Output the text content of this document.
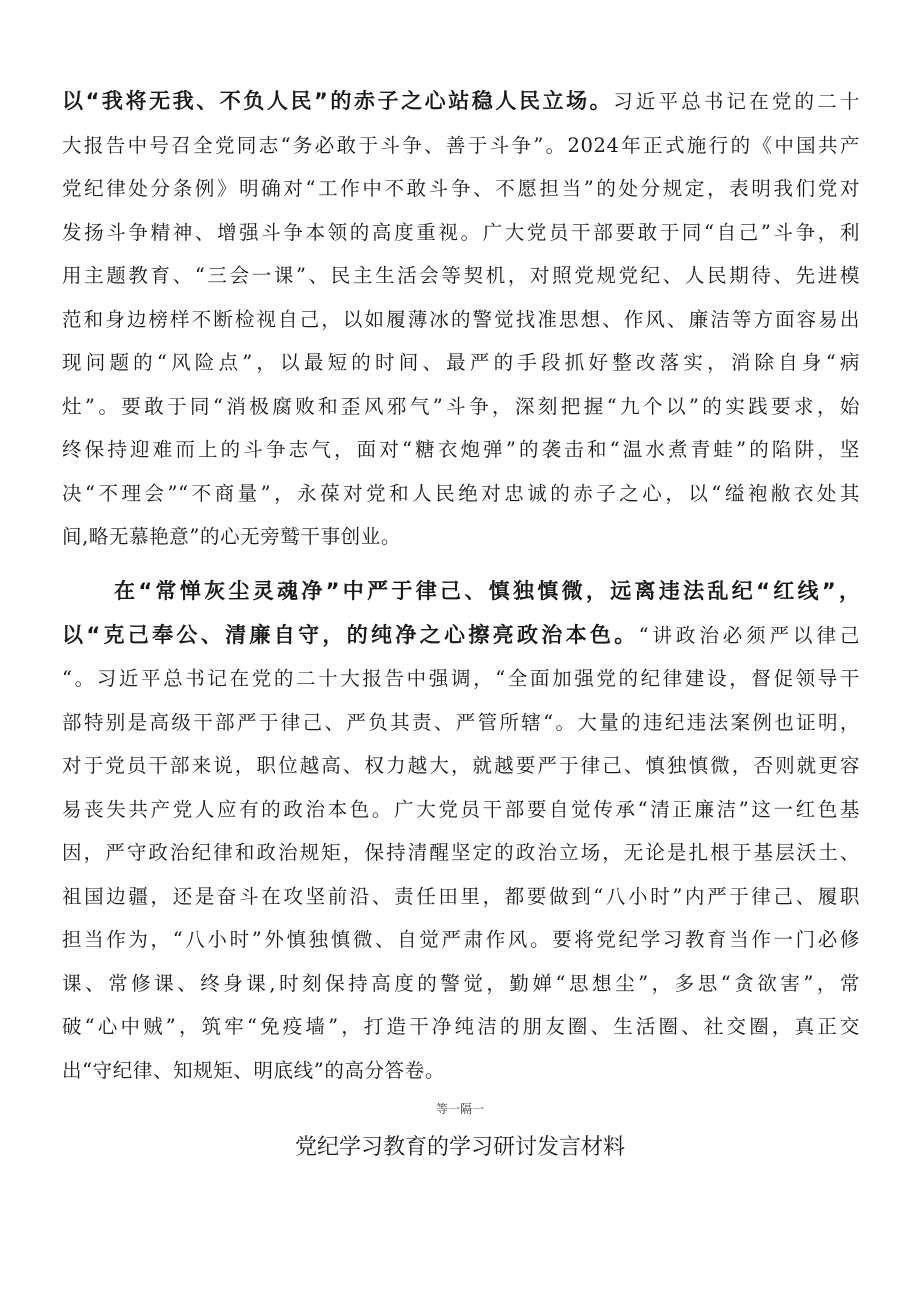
以“我将无我、不负人民”的赤子之心站稳人民立场。习近平总书记在党的二十
大报告中号召全党同志“务必敢于斗争、善于斗争”。2024年正式施行的《中国共产
党纪律处分条例》明确对“工作中不敢斗争、不愿担当”的处分规定，表明我们党对
发扬斗争精神、增强斗争本领的高度重视。广大党员干部要敢于同“自己”斗争，利
用主题教育、“三会一课”、民主生活会等契机，对照党规党纪、人民期待、先进模
范和身边榜样不断检视自己，以如履薄冰的警觉找准思想、作风、廉洁等方面容易出
现问题的“风险点”，以最短的时间、最严的手段抓好整改落实，消除自身“病
灶”。要敢于同“消极腐败和歪风邪气”斗争，深刻把握“九个以”的实践要求，始
终保持迎难而上的斗争志气，面对“糖衣炮弹”的袭击和“温水煮青蛙”的陷阱，坚
决“不理会”“不商量”，永葆对党和人民绝对忠诚的赤子之心，以“缢袍敝衣处其
间,略无慕艳意”的心无旁鹫干事创业。
在“常惮灰尘灵魂净”中严于律己、慎独慎微，远离违法乱纪“红线”，
以“克己奉公、清廉自守，的纯净之心擦亮政治本色。“讲政治必须严以律己
“。习近平总书记在党的二十大报告中强调，“全面加强党的纪律建设，督促领导干
部特别是高级干部严于律己、严负其责、严管所辖“。大量的违纪违法案例也证明，
对于党员干部来说，职位越高、权力越大，就越要严于律己、慎独慎微，否则就更容
易丧失共产党人应有的政治本色。广大党员干部要自觉传承“清正廉洁”这一红色基
因，严守政治纪律和政治规矩，保持清醒坚定的政治立场，无论是扎根于基层沃土、
祖国边疆，还是奋斗在攻坚前沿、责任田里，都要做到“八小时”内严于律己、履职
担当作为，“八小时”外慎独慎微、自觉严肃作风。要将党纪学习教育当作一门必修
课、常修课、终身课,时刻保持高度的警觉，勤婵“思想尘”，多思“贪欲害”，常
破“心中贼”，筑牢“免疫墙”，打造干净纯洁的朋友圈、生活圈、社交圈，真正交
出“守纪律、知规矩、明底线”的高分答卷。
等一隔一
党纪学习教育的学习研讨发言材料
